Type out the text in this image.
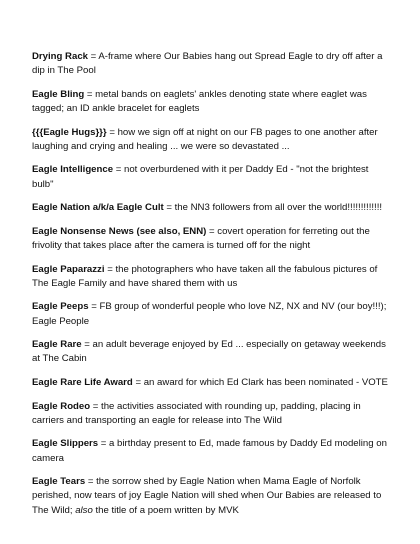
Drying Rack = A-frame where Our Babies hang out Spread Eagle to dry off after a dip in The Pool

Eagle Bling = metal bands on eaglets' ankles denoting state where eaglet was tagged; an ID ankle bracelet for eaglets

{{{Eagle Hugs}}} = how we sign off at night on our FB pages to one another after laughing and crying and healing ... we were so devastated ...

Eagle Intelligence = not overburdened with it per Daddy Ed - "not the brightest bulb"

Eagle Nation a/k/a Eagle Cult = the NN3 followers from all over the world!!!!!!!!!!!!!

Eagle Nonsense News (see also, ENN) = covert operation for ferreting out the frivolity that takes place after the camera is turned off for the night

Eagle Paparazzi = the photographers who have taken all the fabulous pictures of The Eagle Family and have shared them with us

Eagle Peeps = FB group of wonderful people who love NZ, NX and NV (our boy!!!); Eagle People

Eagle Rare = an adult beverage enjoyed by Ed ... especially on getaway weekends at The Cabin

Eagle Rare Life Award = an award for which Ed Clark has been nominated - VOTE

Eagle Rodeo = the activities associated with rounding up, padding, placing in carriers and transporting an eagle for release into The Wild

Eagle Slippers = a birthday present to Ed, made famous by Daddy Ed modeling on camera

Eagle Tears = the sorrow shed by Eagle Nation when Mama Eagle of Norfolk perished, now tears of joy Eagle Nation will shed when Our Babies are released to The Wild; also the title of a poem written by MVK
